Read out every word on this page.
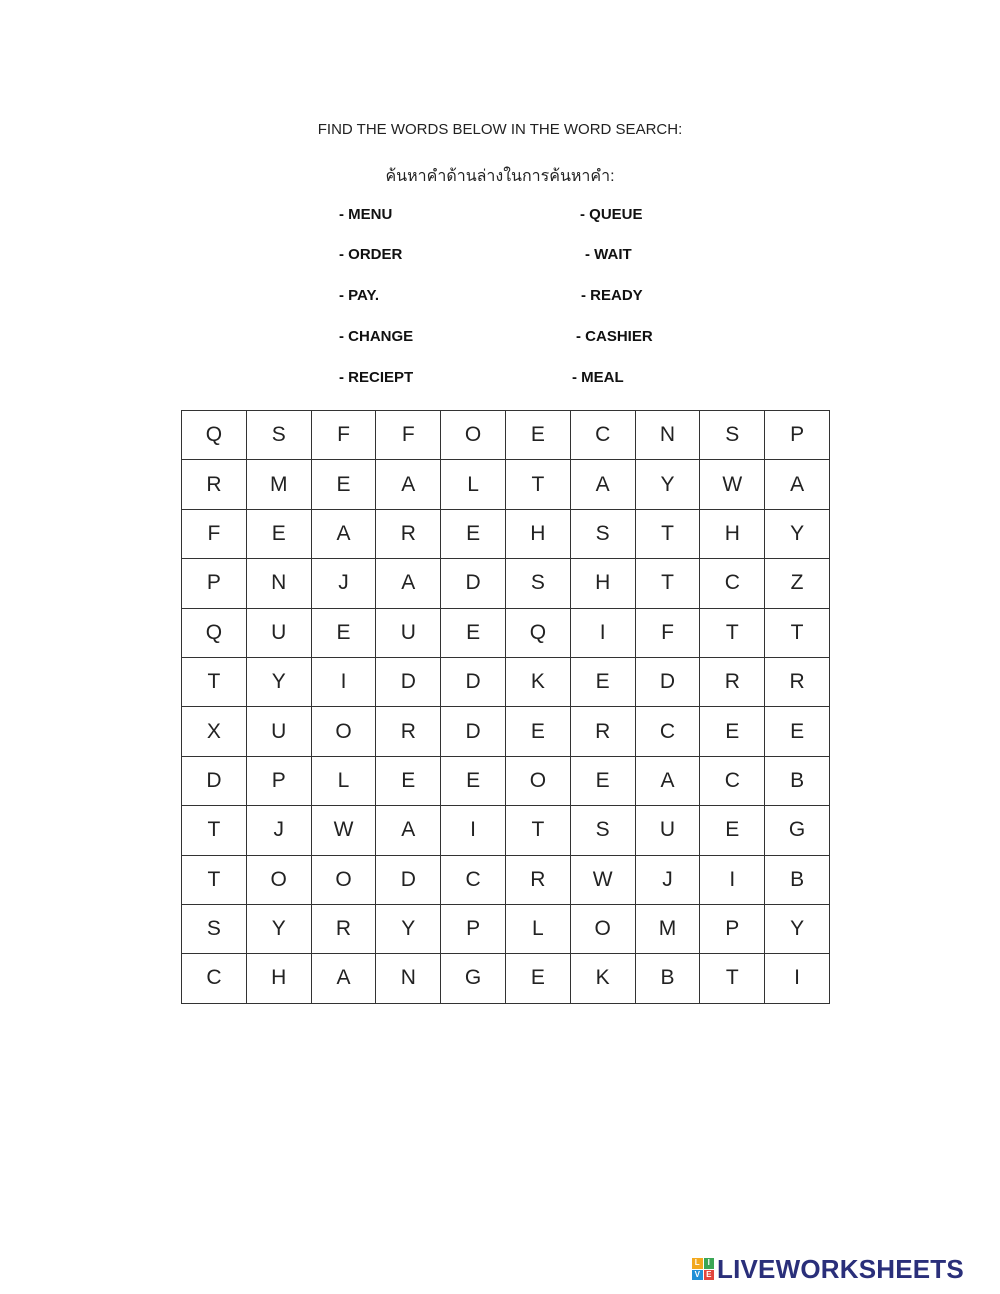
FIND THE WORDS BELOW IN THE WORD SEARCH:
ค้นหาคำด้านล่างในการค้นหาคำ:
- MENU
- ORDER
- PAY.
- CHANGE
- RECIEPT
- QUEUE
- WAIT
- READY
- CASHIER
- MEAL
Q	S	F	F	O	E	C	N	S	P
R	M	E	A	L	T	A	Y	W	A
F	E	A	R	E	H	S	T	H	Y
P	N	J	A	D	S	H	T	C	Z
Q	U	E	U	E	Q	I	F	T	T
T	Y	I	D	D	K	E	D	R	R
X	U	O	R	D	E	R	C	E	E
D	P	L	E	E	O	E	A	C	B
T	J	W	A	I	T	S	U	E	G
T	O	O	D	C	R	W	J	I	B
S	Y	R	Y	P	L	O	M	P	Y
C	H	A	N	G	E	K	B	T	I
L I
V E LIVEWORKSHEETS
